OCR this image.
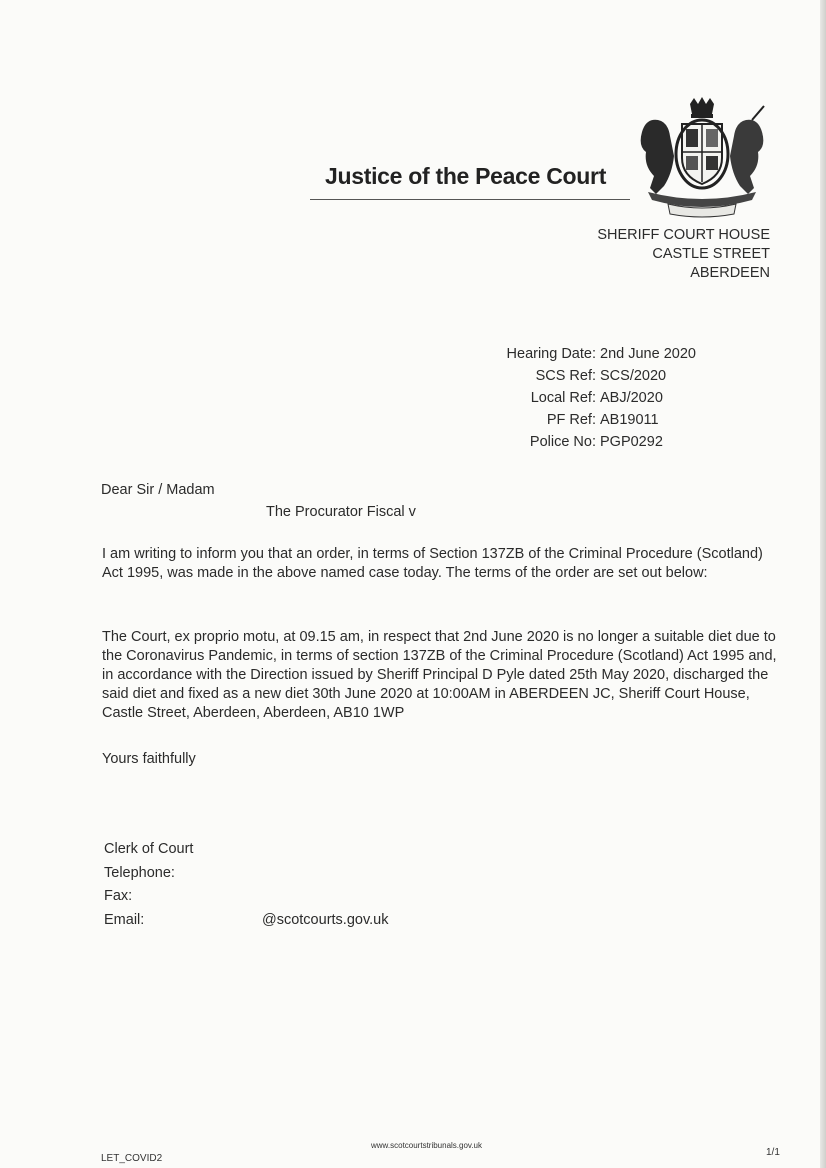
Justice of the Peace Court
SHERIFF COURT HOUSE
CASTLE STREET
ABERDEEN
Hearing Date: 2nd June 2020
SCS Ref: SCS/2020
Local Ref: ABJ/2020
PF Ref: AB19011
Police No: PGP0292
Dear Sir / Madam
The Procurator Fiscal v
I am writing to inform you that an order, in terms of Section 137ZB of the Criminal Procedure (Scotland) Act 1995, was made in the above named case today. The terms of the order are set out below:
The Court, ex proprio motu, at 09.15 am, in respect that 2nd June 2020 is no longer a suitable diet due to the Coronavirus Pandemic, in terms of section 137ZB of the Criminal Procedure (Scotland) Act 1995 and, in accordance with the Direction issued by Sheriff Principal D Pyle dated 25th May 2020, discharged the said diet and fixed as a new diet 30th June 2020 at 10:00AM in ABERDEEN JC, Sheriff Court House, Castle Street, Aberdeen, Aberdeen, AB10 1WP
Yours faithfully
Clerk of Court
Telephone:
Fax:
Email:	@scotcourts.gov.uk
www.scotcourtstribunals.gov.uk
LET_COVID2
1/1
